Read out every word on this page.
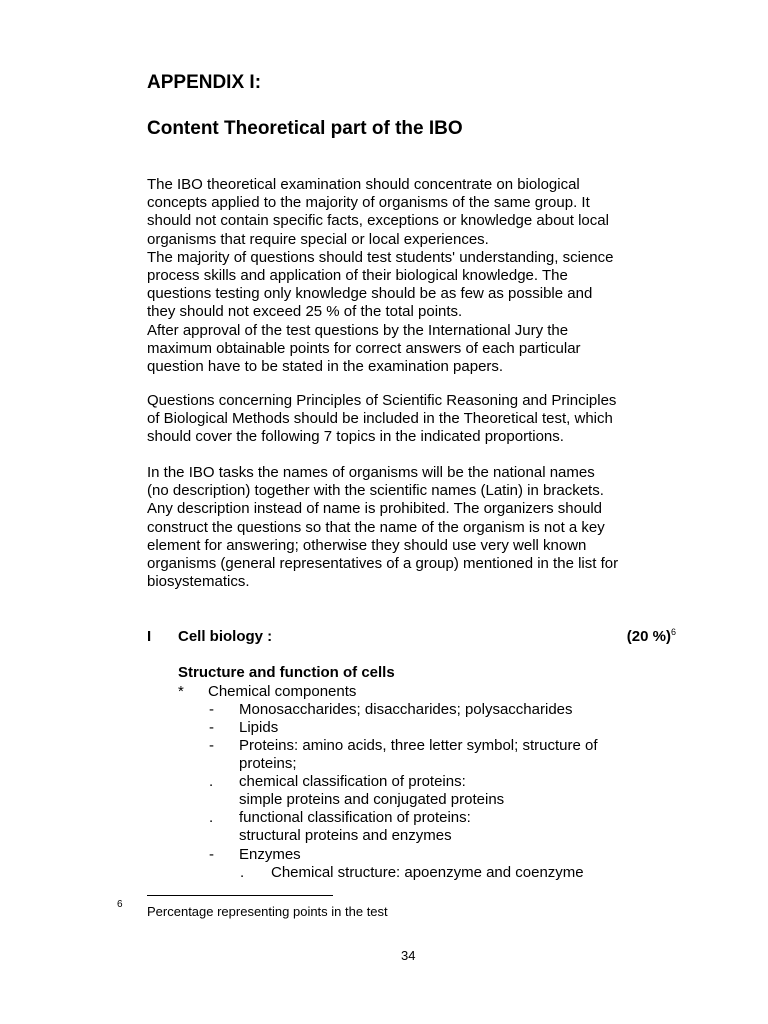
APPENDIX I:
Content Theoretical part of the IBO
The IBO theoretical examination should concentrate on biological
concepts applied to the majority of organisms of the same group. It
should not contain specific facts, exceptions or knowledge about local
organisms that require special or local experiences.
The majority of questions should test students' understanding, science
process skills and application of their biological knowledge. The
questions testing only knowledge should be as few as possible and
they should not exceed 25 % of the total points.
After approval of the test questions by the International Jury the
maximum obtainable points for correct answers of each particular
question have to be stated in the examination papers.
Questions concerning Principles of Scientific Reasoning and Principles
of Biological Methods should be included in the Theoretical test, which
should cover the following 7 topics in the indicated proportions.
In the IBO tasks the names of organisms will be the national names
(no description) together with the scientific names (Latin) in brackets.
Any description instead of name is prohibited. The organizers should
construct the questions so that the name of the organism is not a key
element for answering; otherwise they should use very well known
organisms (general representatives of a group) mentioned in the list for
biosystematics.
I Cell biology :	(20 %)$^6$
Structure and function of cells
* Chemical components
- Monosaccharides; disaccharides; polysaccharides
- Lipids
- Proteins: amino acids, three letter symbol; structure of
proteins;
. chemical classification of proteins:
simple proteins and conjugated proteins
. functional classification of proteins:
structural proteins and enzymes
- Enzymes
. Chemical structure: apoenzyme and coenzyme
6 Percentage representing points in the test
34
